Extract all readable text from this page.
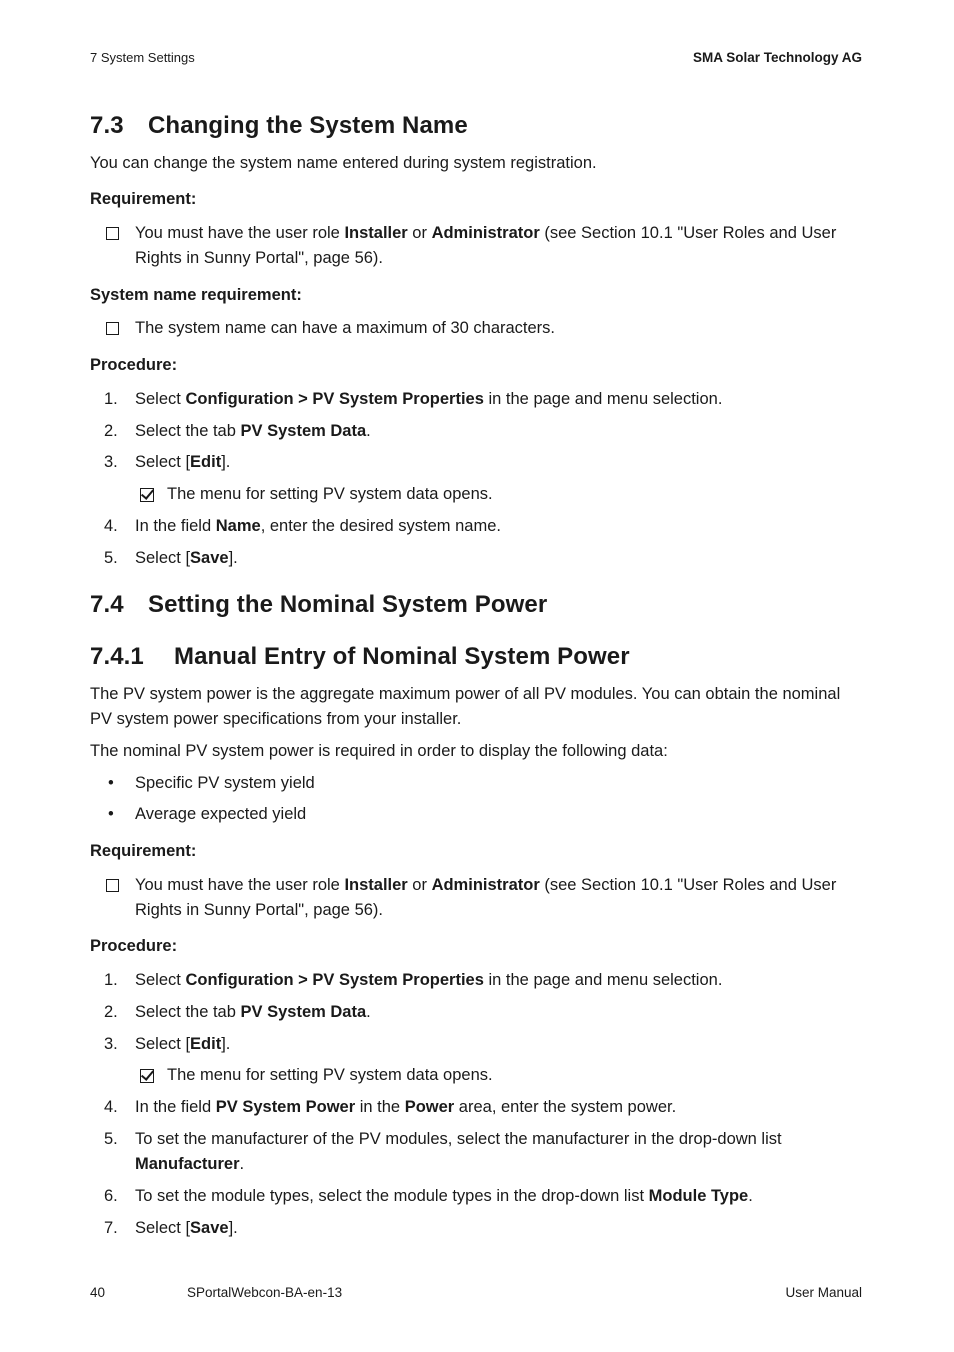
7 System Settings	SMA Solar Technology AG
7.3 Changing the System Name
You can change the system name entered during system registration.
Requirement:
You must have the user role Installer or Administrator (see Section 10.1 "User Roles and User Rights in Sunny Portal", page 56).
System name requirement:
The system name can have a maximum of 30 characters.
Procedure:
1. Select Configuration > PV System Properties in the page and menu selection.
2. Select the tab PV System Data.
3. Select [Edit].
The menu for setting PV system data opens.
4. In the field Name, enter the desired system name.
5. Select [Save].
7.4 Setting the Nominal System Power
7.4.1 Manual Entry of Nominal System Power
The PV system power is the aggregate maximum power of all PV modules. You can obtain the nominal PV system power specifications from your installer.
The nominal PV system power is required in order to display the following data:
• Specific PV system yield
• Average expected yield
Requirement:
You must have the user role Installer or Administrator (see Section 10.1 "User Roles and User Rights in Sunny Portal", page 56).
Procedure:
1. Select Configuration > PV System Properties in the page and menu selection.
2. Select the tab PV System Data.
3. Select [Edit].
The menu for setting PV system data opens.
4. In the field PV System Power in the Power area, enter the system power.
5. To set the manufacturer of the PV modules, select the manufacturer in the drop-down list Manufacturer.
6. To set the module types, select the module types in the drop-down list Module Type.
7. Select [Save].
40	SPortalWebcon-BA-en-13	User Manual
